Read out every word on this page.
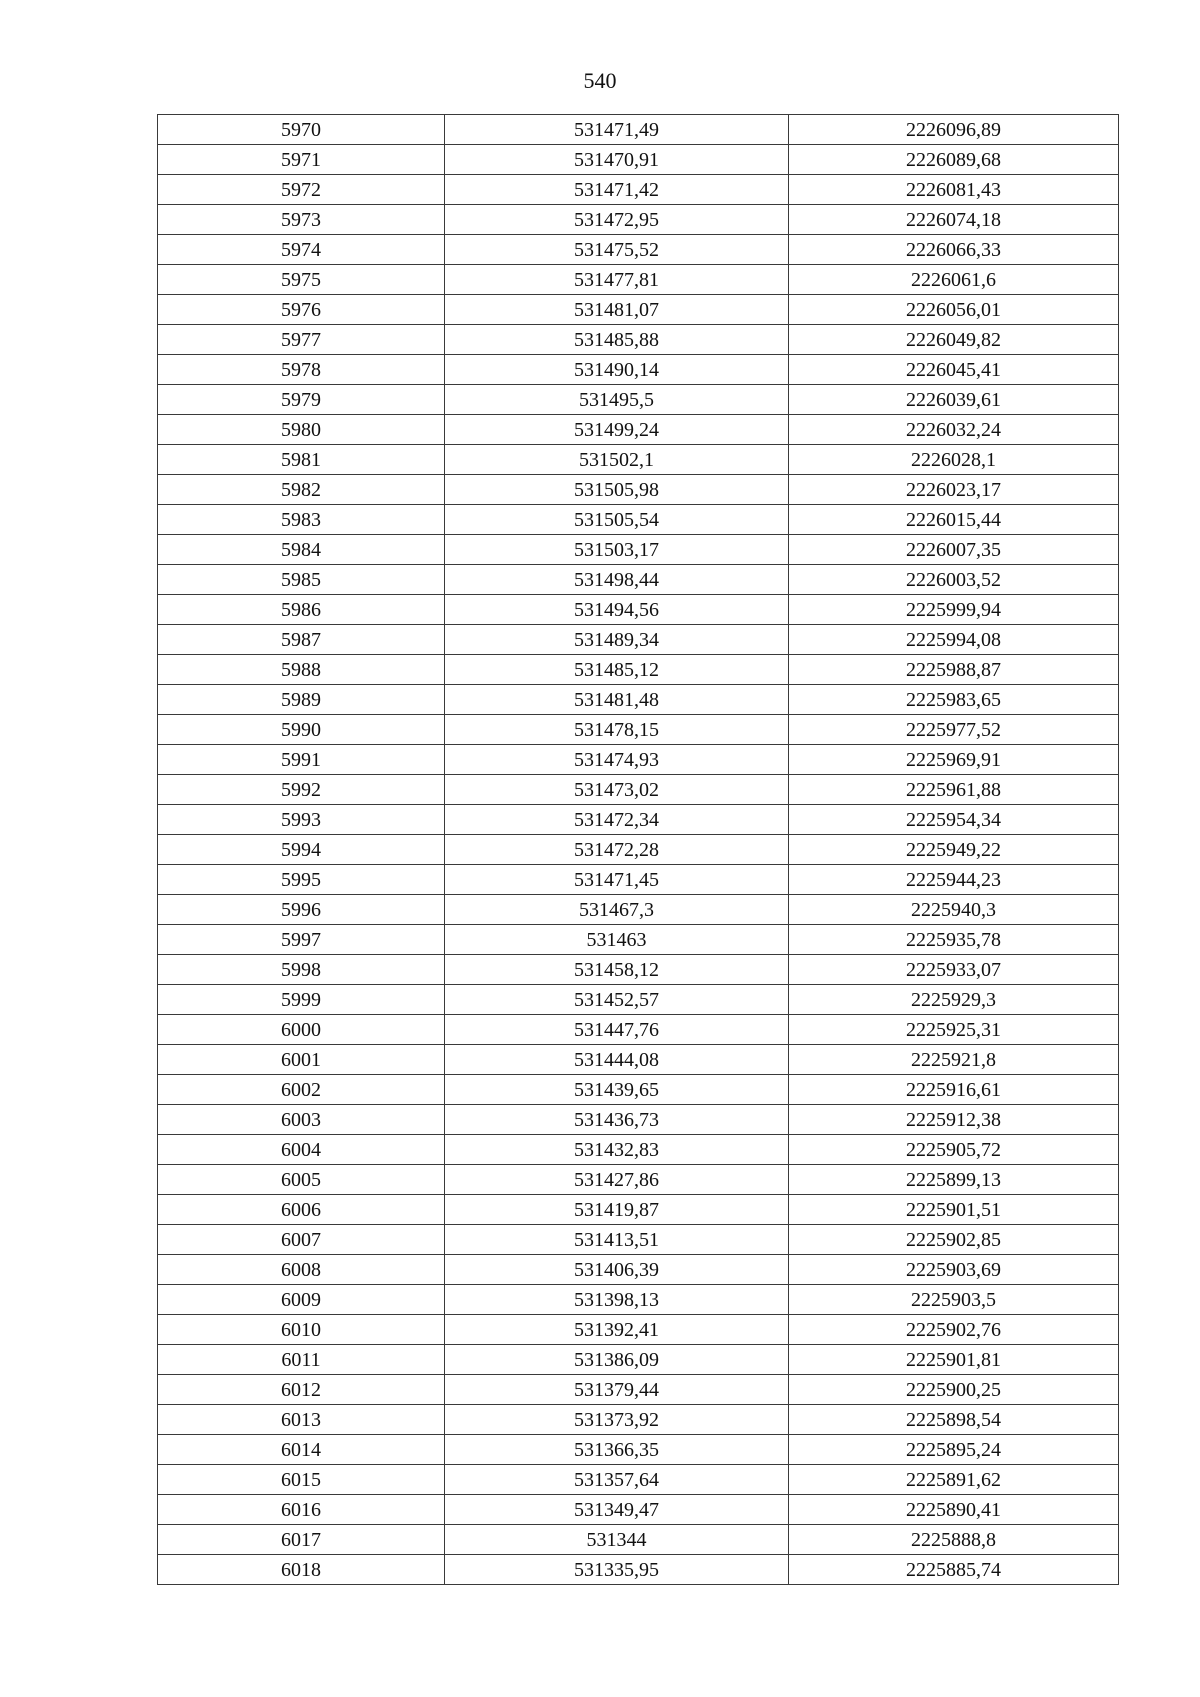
540
5970	531471,49	2226096,89
5971	531470,91	2226089,68
5972	531471,42	2226081,43
5973	531472,95	2226074,18
5974	531475,52	2226066,33
5975	531477,81	2226061,6
5976	531481,07	2226056,01
5977	531485,88	2226049,82
5978	531490,14	2226045,41
5979	531495,5	2226039,61
5980	531499,24	2226032,24
5981	531502,1	2226028,1
5982	531505,98	2226023,17
5983	531505,54	2226015,44
5984	531503,17	2226007,35
5985	531498,44	2226003,52
5986	531494,56	2225999,94
5987	531489,34	2225994,08
5988	531485,12	2225988,87
5989	531481,48	2225983,65
5990	531478,15	2225977,52
5991	531474,93	2225969,91
5992	531473,02	2225961,88
5993	531472,34	2225954,34
5994	531472,28	2225949,22
5995	531471,45	2225944,23
5996	531467,3	2225940,3
5997	531463	2225935,78
5998	531458,12	2225933,07
5999	531452,57	2225929,3
6000	531447,76	2225925,31
6001	531444,08	2225921,8
6002	531439,65	2225916,61
6003	531436,73	2225912,38
6004	531432,83	2225905,72
6005	531427,86	2225899,13
6006	531419,87	2225901,51
6007	531413,51	2225902,85
6008	531406,39	2225903,69
6009	531398,13	2225903,5
6010	531392,41	2225902,76
6011	531386,09	2225901,81
6012	531379,44	2225900,25
6013	531373,92	2225898,54
6014	531366,35	2225895,24
6015	531357,64	2225891,62
6016	531349,47	2225890,41
6017	531344	2225888,8
6018	531335,95	2225885,74
